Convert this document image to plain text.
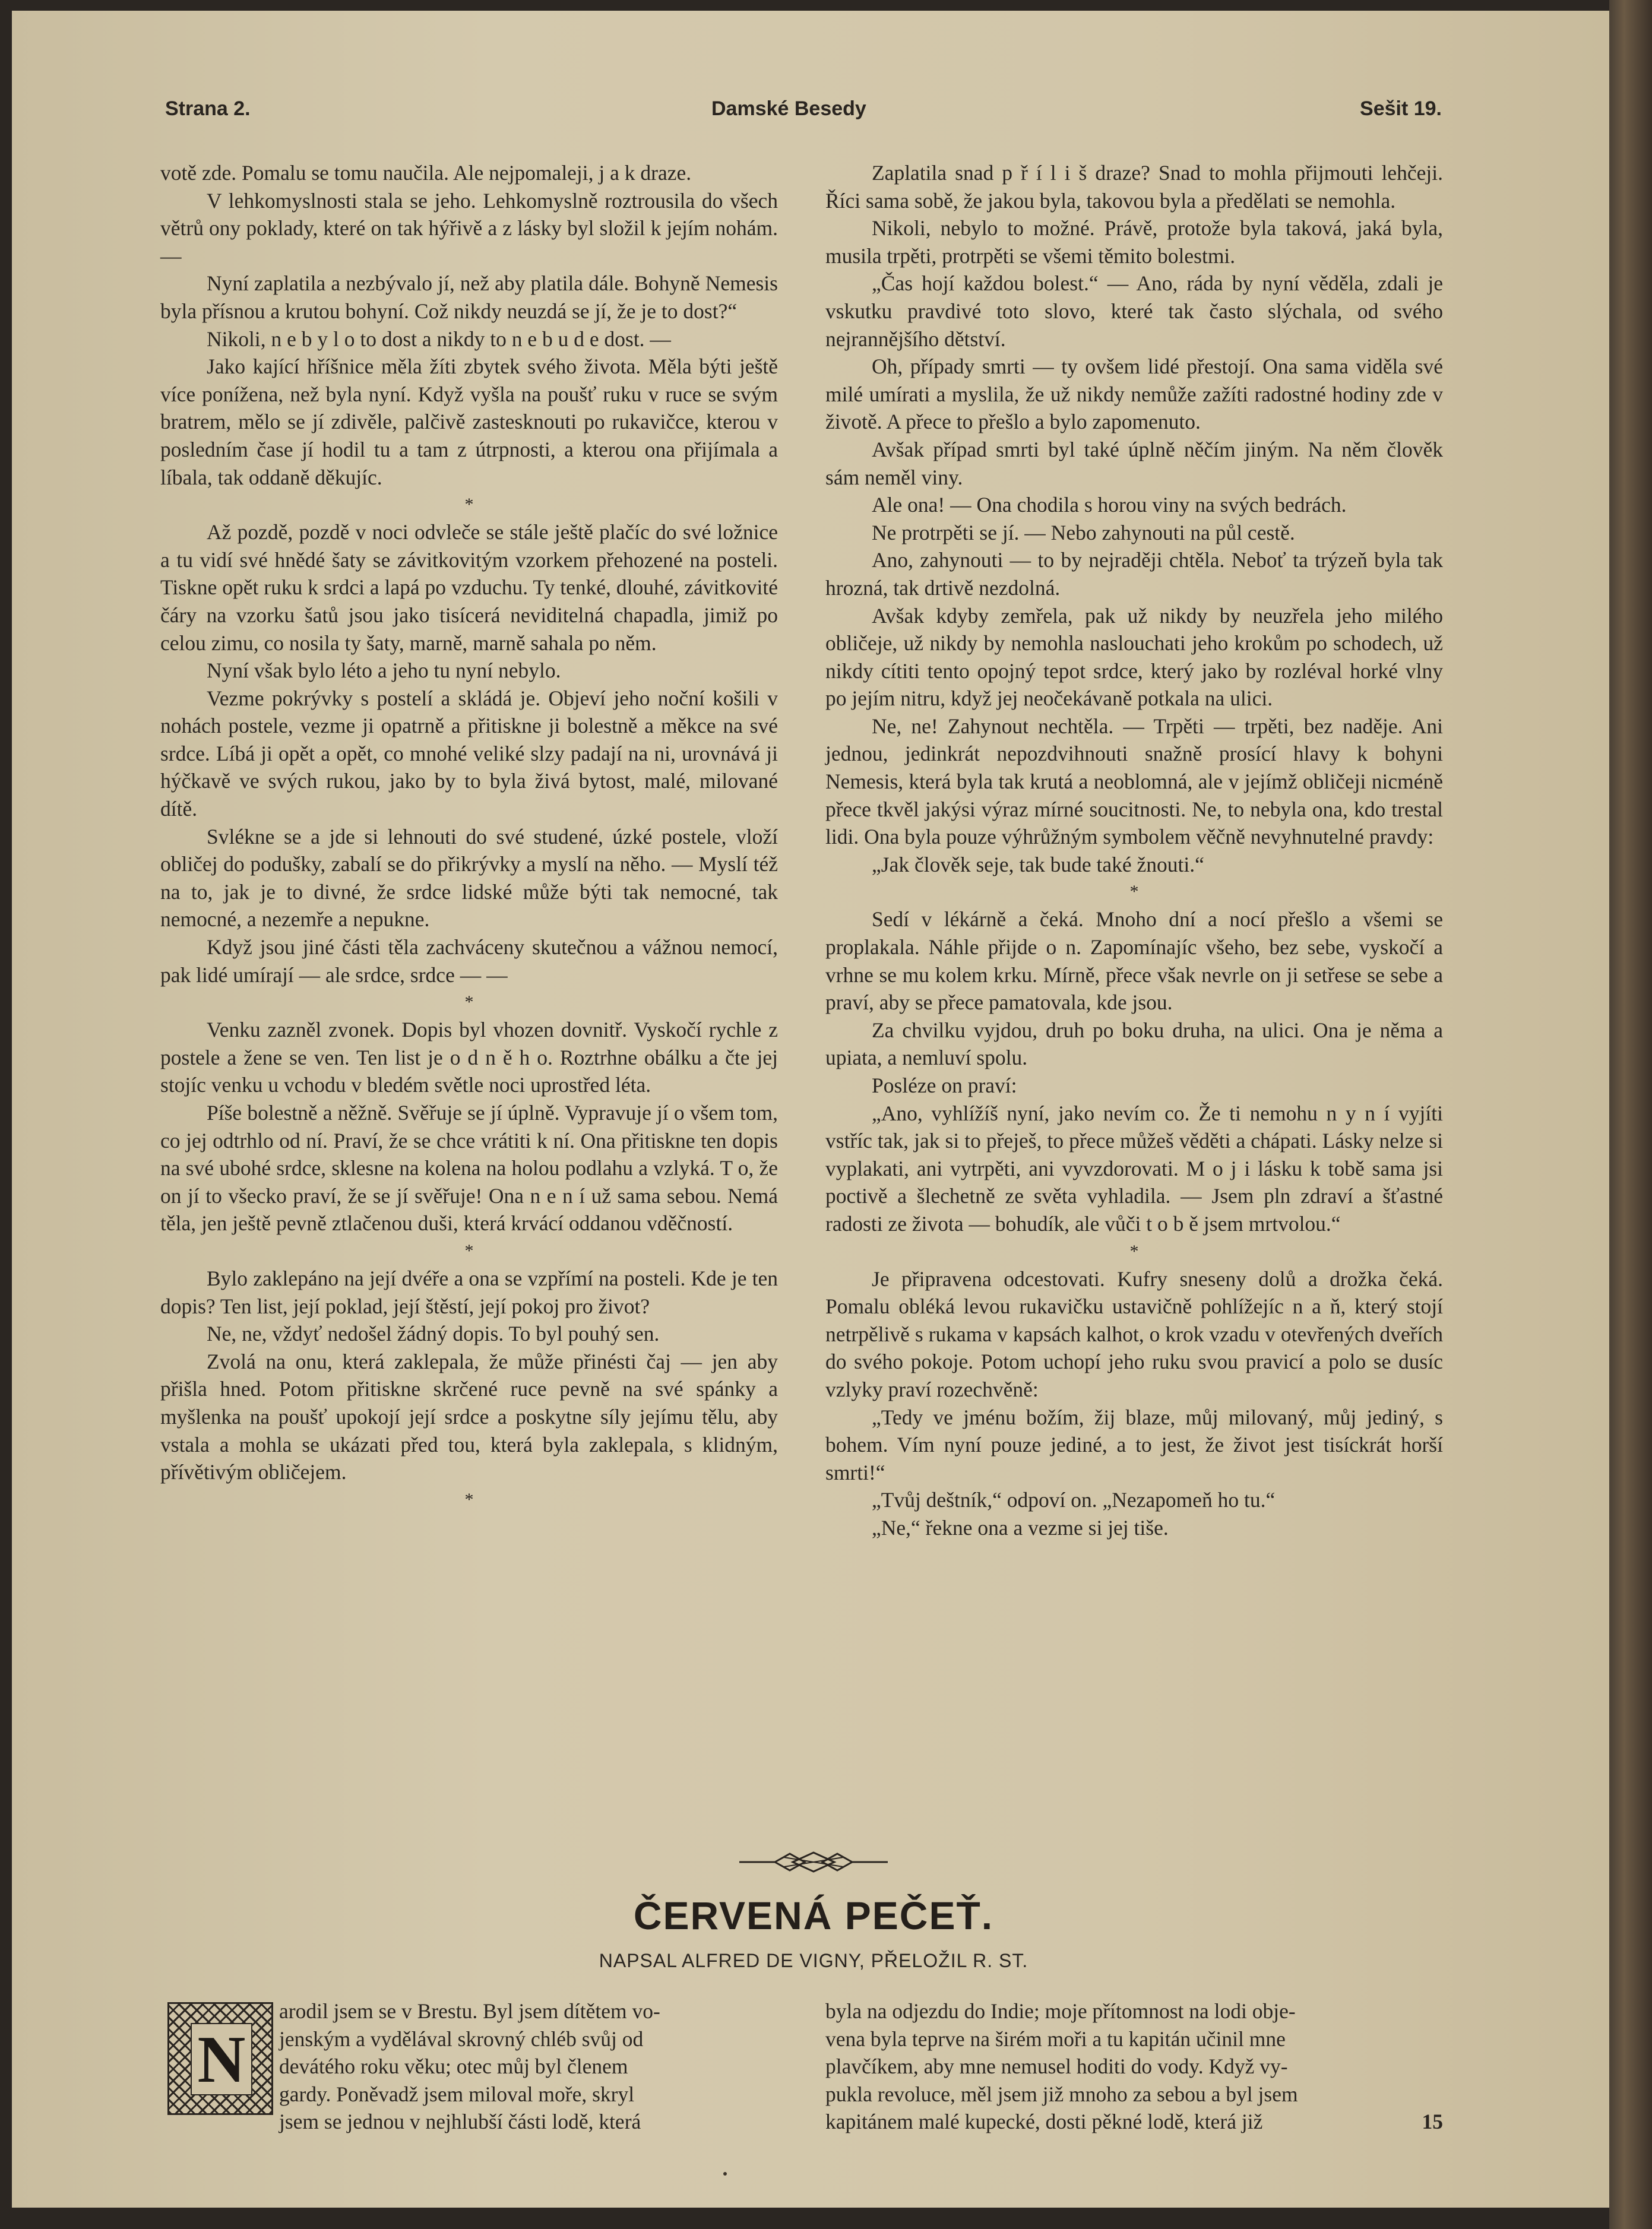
Strana 2.	Damské Besedy	Sešit 19.

votě zde. Pomalu se tomu naučila. Ale nejpomaleji, j a k draze.

V lehkomyslnosti stala se jeho. Lehkomyslně roztrousila do všech větrů ony poklady, které on tak hýřivě a z lásky byl složil k jejím nohám. —

Nyní zaplatila a nezbývalo jí, než aby platila dále. Bohyně Nemesis byla přísnou a krutou bohyní. Což nikdy neuzdá se jí, že je to dost?“

Nikoli, n e b y l o to dost a nikdy to n e b u d e dost. —

Jako kající hříšnice měla žíti zbytek svého života. Měla býti ještě více ponížena, než byla nyní. Když vyšla na poušť ruku v ruce se svým bratrem, mělo se jí zdivěle, palčivě zastesknouti po rukavičce, kterou v posledním čase jí hodil tu a tam z útrpnosti, a kterou ona přijímala a líbala, tak oddaně děkujíc.

*

Až pozdě, pozdě v noci odvleče se stále ještě plačíc do své ložnice a tu vidí své hnědé šaty se závitkovitým vzorkem přehozené na posteli. Tiskne opět ruku k srdci a lapá po vzduchu. Ty tenké, dlouhé, závitkovité čáry na vzorku šatů jsou jako tisícerá neviditelná chapadla, jimiž po celou zimu, co nosila ty šaty, marně, marně sahala po něm.

Nyní však bylo léto a jeho tu nyní nebylo.

Vezme pokrývky s postelí a skládá je. Objeví jeho noční košili v nohách postele, vezme ji opatrně a přitiskne ji bolestně a měkce na své srdce. Líbá ji opět a opět, co mnohé veliké slzy padají na ni, urovnává ji hýčkavě ve svých rukou, jako by to byla živá bytost, malé, milované dítě.

Svlékne se a jde si lehnouti do své studené, úzké postele, vloží obličej do podušky, zabalí se do přikrývky a myslí na něho. — Myslí též na to, jak je to divné, že srdce lidské může býti tak nemocné, tak nemocné, a nezemře a nepukne.

Když jsou jiné části těla zachváceny skutečnou a vážnou nemocí, pak lidé umírají — ale srdce, srdce — —

*

Venku zazněl zvonek. Dopis byl vhozen dovnitř. Vyskočí rychle z postele a žene se ven. Ten list je o d n ě h o. Roztrhne obálku a čte jej stojíc venku u vchodu v bledém světle noci uprostřed léta.

Píše bolestně a něžně. Svěřuje se jí úplně. Vypravuje jí o všem tom, co jej odtrhlo od ní. Praví, že se chce vrátiti k ní. Ona přitiskne ten dopis na své ubohé srdce, sklesne na kolena na holou podlahu a vzlyká. T o, že on jí to všecko praví, že se jí svěřuje! Ona n e n í už sama sebou. Nemá těla, jen ještě pevně ztlačenou duši, která krvácí oddanou vděčností.

*

Bylo zaklepáno na její dvéře a ona se vzpřímí na posteli. Kde je ten dopis? Ten list, její poklad, její štěstí, její pokoj pro život?

Ne, ne, vždyť nedošel žádný dopis. To byl pouhý sen.

Zvolá na onu, která zaklepala, že může přinésti čaj — jen aby přišla hned. Potom přitiskne skrčené ruce pevně na své spánky a myšlenka na poušť upokojí její srdce a poskytne síly jejímu tělu, aby vstala a mohla se ukázati před tou, která byla zaklepala, s klidným, přívětivým obličejem.

*

Zaplatila snad p ř í l i š draze? Snad to mohla přijmouti lehčeji. Říci sama sobě, že jakou byla, takovou byla a předělati se nemohla.

Nikoli, nebylo to možné. Právě, protože byla taková, jaká byla, musila trpěti, protrpěti se všemi těmito bolestmi.

„Čas hojí každou bolest.“ — Ano, ráda by nyní věděla, zdali je vskutku pravdivé toto slovo, které tak často slýchala, od svého nejrannějšího dětství.

Oh, případy smrti — ty ovšem lidé přestojí. Ona sama viděla své milé umírati a myslila, že už nikdy nemůže zažíti radostné hodiny zde v životě. A přece to přešlo a bylo zapomenuto.

Avšak případ smrti byl také úplně něčím jiným. Na něm člověk sám neměl viny.

Ale ona! — Ona chodila s horou viny na svých bedrách.

Ne protrpěti se jí. — Nebo zahynouti na půl cestě.

Ano, zahynouti — to by nejraději chtěla. Neboť ta trýzeň byla tak hrozná, tak drtivě nezdolná.

Avšak kdyby zemřela, pak už nikdy by neuzřela jeho milého obličeje, už nikdy by nemohla naslouchati jeho krokům po schodech, už nikdy cítiti tento opojný tepot srdce, který jako by rozléval horké vlny po jejím nitru, když jej neočekávaně potkala na ulici.

Ne, ne! Zahynout nechtěla. — Trpěti — trpěti, bez naděje. Ani jednou, jedinkrát nepozdvihnouti snažně prosící hlavy k bohyni Nemesis, která byla tak krutá a neoblomná, ale v jejímž obličeji nicméně přece tkvěl jakýsi výraz mírné soucitnosti. Ne, to nebyla ona, kdo trestal lidi. Ona byla pouze výhrůžným symbolem věčně nevyhnutelné pravdy:

„Jak člověk seje, tak bude také žnouti.“

*

Sedí v lékárně a čeká. Mnoho dní a nocí přešlo a všemi se proplakala. Náhle přijde o n. Zapomínajíc všeho, bez sebe, vyskočí a vrhne se mu kolem krku. Mírně, přece však nevrle on ji setřese se sebe a praví, aby se přece pamatovala, kde jsou.

Za chvilku vyjdou, druh po boku druha, na ulici. Ona je něma a upiata, a nemluví spolu.

Posléze on praví:

„Ano, vyhlížíš nyní, jako nevím co. Že ti nemohu n y n í vyjíti vstříc tak, jak si to přeješ, to přece můžeš věděti a chápati. Lásky nelze si vyplakati, ani vytrpěti, ani vyvzdorovati. M o j i lásku k tobě sama jsi poctivě a šlechetně ze světa vyhladila. — Jsem pln zdraví a šťastné radosti ze života — bohudík, ale vůči t o b ě jsem mrtvolou.“

*

Je připravena odcestovati. Kufry sneseny dolů a drožka čeká. Pomalu obléká levou rukavičku ustavičně pohlížejíc n a ň, který stojí netrpělivě s rukama v kapsách kalhot, o krok vzadu v otevřených dveřích do svého pokoje. Potom uchopí jeho ruku svou pravicí a polo se dusíc vzlyky praví rozechvěně:

„Tedy ve jménu božím, žij blaze, můj milovaný, můj jediný, s bohem. Vím nyní pouze jediné, a to jest, že život jest tisíckrát horší smrti!“

„Tvůj deštník,“ odpoví on. „Nezapomeň ho tu.“

„Ne,“ řekne ona a vezme si jej tiše.

ČERVENÁ PEČEŤ.
NAPSAL ALFRED DE VIGNY, PŘELOŽIL R. ST.
N
arodil jsem se v Brestu. Byl jsem dítětem vo-
jenským a vydělával skrovný chléb svůj od
devátého roku věku; otec můj byl členem
gardy. Poněvadž jsem miloval moře, skryl
jsem se jednou v nejhlubší části lodě, která
byla na odjezdu do Indie; moje přítomnost na lodi obje-
vena byla teprve na širém moři a tu kapitán učinil mne
plavčíkem, aby mne nemusel hoditi do vody. Když vy-
pukla revoluce, měl jsem již mnoho za sebou a byl jsem
kapitánem malé kupecké, dosti pěkné lodě, která již	15
